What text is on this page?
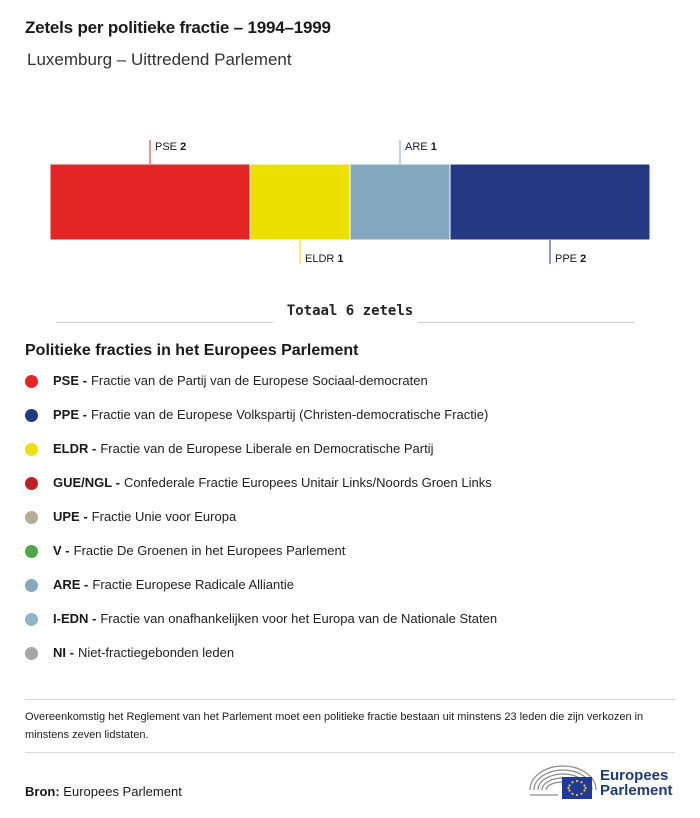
Zetels per politieke fractie – 1994–1999
Luxemburg – Uittredend Parlement
PSE 2
ELDR 1
ARE 1
PPE 2
Totaal 6 zetels
Politieke fracties in het Europees Parlement
PSE - Fractie van de Partij van de Europese Sociaal-democraten
PPE - Fractie van de Europese Volkspartij (Christen-democratische Fractie)
ELDR - Fractie van de Europese Liberale en Democratische Partij
GUE/NGL - Confederale Fractie Europees Unitair Links/Noords Groen Links
UPE - Fractie Unie voor Europa
V - Fractie De Groenen in het Europees Parlement
ARE - Fractie Europese Radicale Alliantie
I-EDN - Fractie van onafhankelijken voor het Europa van de Nationale Staten
NI - Niet-fractiegebonden leden
Overeenkomstig het Reglement van het Parlement moet een politieke fractie bestaan uit minstens 23 leden die zijn verkozen in minstens zeven lidstaten.
Bron: Europees Parlement
Europees
Parlement
